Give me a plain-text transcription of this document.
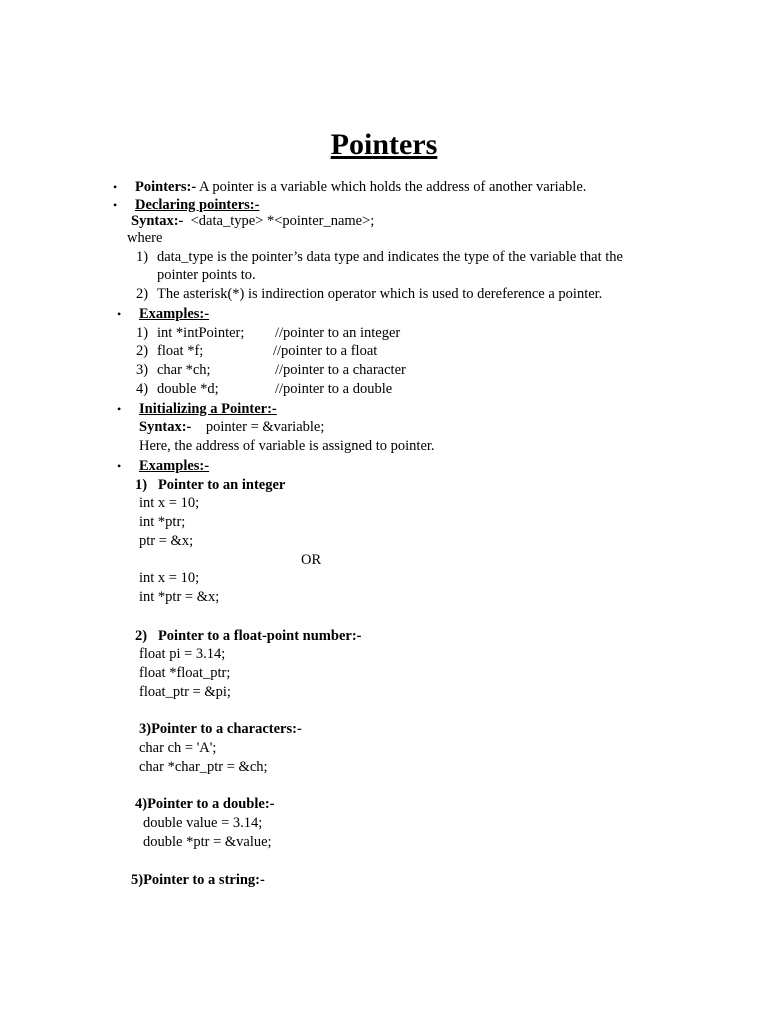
Pointers
• Pointers:- A pointer is a variable which holds the address of another variable.
• Declaring pointers:-
Syntax:-  <data_type> *<pointer_name>;
where
1) data_type is the pointer’s data type and indicates the type of the variable that the
pointer points to.
2) The asterisk(*) is indirection operator which is used to dereference a pointer.
• Examples:-
1) int *intPointer; //pointer to an integer
2) float *f;	//pointer to a float
3) char *ch;	//pointer to a character
4) double *d;	//pointer to a double
• Initializing a Pointer:-
Syntax:-    pointer = &variable;
Here, the address of variable is assigned to pointer.
• Examples:-
1)   Pointer to an integer
int x = 10;
int *ptr;
ptr = &x;
OR
int x = 10;
int *ptr = &x;
2)   Pointer to a float-point number:-
float pi = 3.14;
float *float_ptr;
float_ptr = &pi;
3)Pointer to a characters:-
char ch = 'A';
char *char_ptr = &ch;
4)Pointer to a double:-
double value = 3.14;
double *ptr = &value;
5)Pointer to a string:-
